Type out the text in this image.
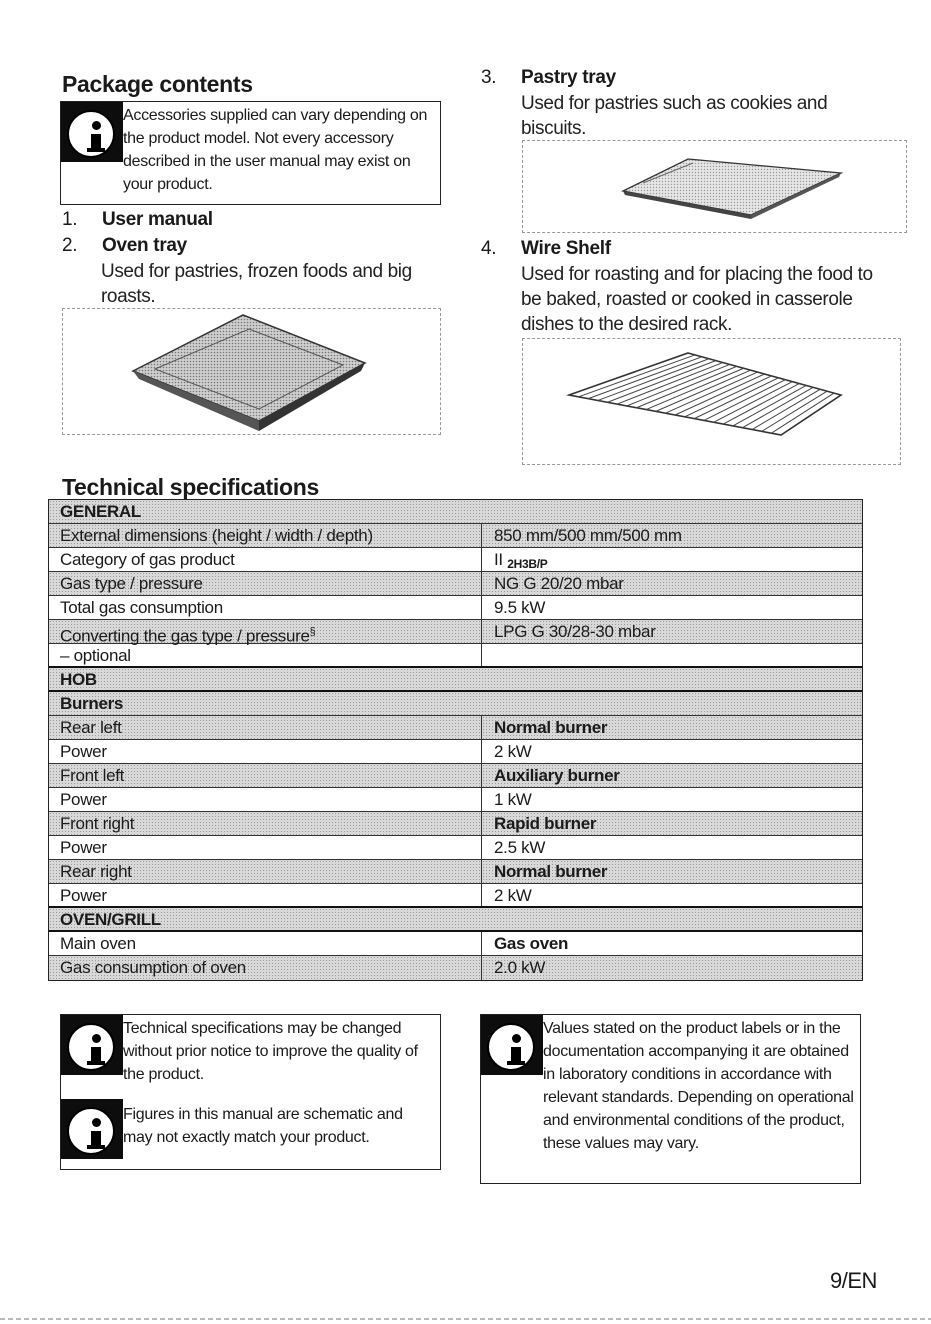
Package contents
Accessories supplied can vary depending on the product model. Not every accessory described in the user manual may exist on your product.
1. User manual
2. Oven tray
Used for pastries, frozen foods and big roasts.
3. Pastry tray
Used for pastries such as cookies and biscuits.
4. Wire Shelf
Used for roasting and for placing the food to be baked, roasted or cooked in casserole dishes to the desired rack.
Technical specifications
GENERAL
External dimensions (height / width / depth)	850 mm/500 mm/500 mm
Category of gas product	II $_{2H3B/P}$
Gas type / pressure	NG G 20/20 mbar
Total gas consumption	9.5 kW
Converting the gas type / pressure§	LPG G 30/28-30 mbar
– optional
HOB
Burners
Rear left	Normal burner
Power	2 kW
Front left	Auxiliary burner
Power	1 kW
Front right	Rapid burner
Power	2.5 kW
Rear right	Normal burner
Power	2 kW
OVEN/GRILL
Main oven	Gas oven
Gas consumption of oven	2.0 kW
Technical specifications may be changed without prior notice to improve the quality of the product.
Figures in this manual are schematic and may not exactly match your product.
Values stated on the product labels or in the documentation accompanying it are obtained in laboratory conditions in accordance with relevant standards. Depending on operational and environmental conditions of the product, these values may vary.
9/EN
